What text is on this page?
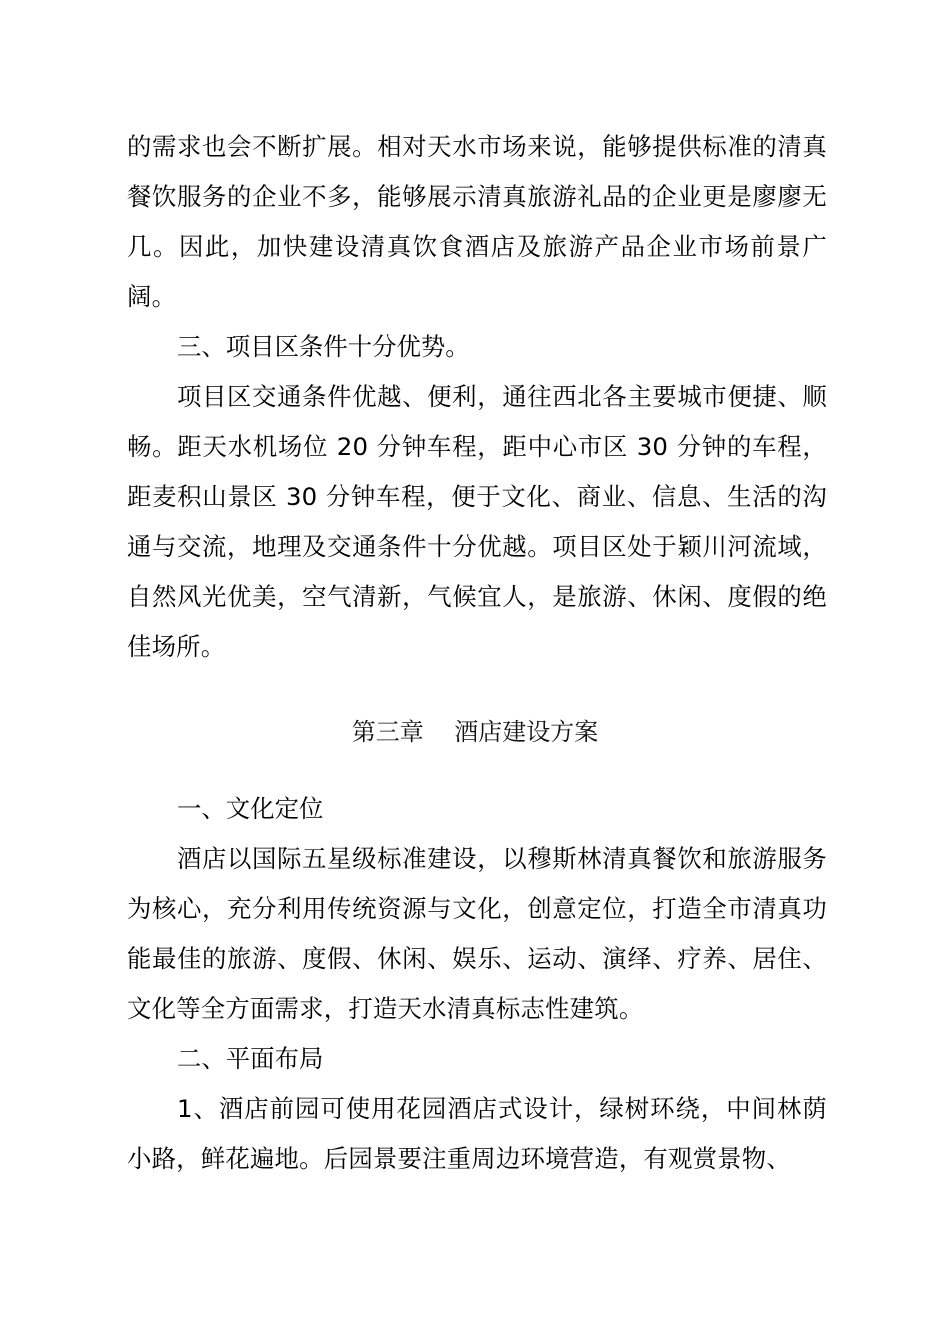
的需求也会不断扩展。相对天水市场来说，能够提供标准的清真餐饮服务的企业不多，能够展示清真旅游礼品的企业更是廖廖无几。因此，加快建设清真饮食酒店及旅游产品企业市场前景广阔。

三、项目区条件十分优势。

项目区交通条件优越、便利，通往西北各主要城市便捷、顺畅。距天水机场位 20 分钟车程，距中心市区 30 分钟的车程，距麦积山景区 30 分钟车程，便于文化、商业、信息、生活的沟通与交流，地理及交通条件十分优越。项目区处于颖川河流域，自然风光优美，空气清新，气候宜人，是旅游、休闲、度假的绝佳场所。

第三章    酒店建设方案

一、文化定位

酒店以国际五星级标准建设，以穆斯林清真餐饮和旅游服务为核心，充分利用传统资源与文化，创意定位，打造全市清真功能最佳的旅游、度假、休闲、娱乐、运动、演绎、疗养、居住、文化等全方面需求，打造天水清真标志性建筑。

二、平面布局

1、酒店前园可使用花园酒店式设计，绿树环绕，中间林荫小路，鲜花遍地。后园景要注重周边环境营造，有观赏景物、
